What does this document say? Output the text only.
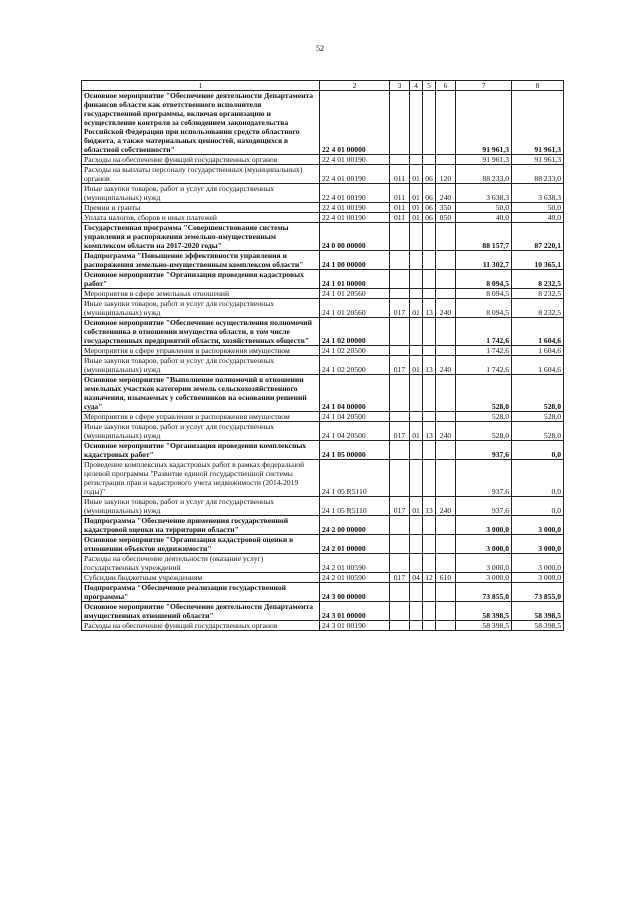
52
1	2	3	4	5	6	7	8
Основное мероприятие "Обеспечение деятельности Департамента финансов области как ответственного исполнителя государственной программы, включая организацию и осуществление контроля за соблюдением законодательства Российской Федерации при использовании средств областного бюджета, а также материальных ценностей, находящихся в областной собственности"	22 4 01 00000					91 961,3	91 961,3
Расходы на обеспечение функций государственных органов	22 4 01 00190					91 961,3	91 961,3
Расходы на выплаты персоналу государственных (муниципальных) органов	22 4 01 00190	011	01	06	120	88 233,0	88 233,0
Иные закупки товаров, работ и услуг для государственных (муниципальных) нужд	22 4 01 00190	011	01	06	240	3 638,3	3 638,3
Премии и гранты	22 4 01 00190	011	01	06	350	50,0	50,0
Уплата налогов, сборов и иных платежей	22 4 01 00190	011	01	06	850	40,0	40,0
Государственная программа "Совершенствование системы управления и распоряжения земельно-имущественным комплексом области на 2017-2020 годы"	24 0 00 00000					88 157,7	87 220,1
Подпрограмма "Повышение эффективности управления и распоряжения земельно-имущественным комплексом области"	24 1 00 00000					11 302,7	10 365,1
Основное мероприятие "Организация проведения кадастровых работ"	24 1 01 00000					8 094,5	8 232,5
Мероприятия в сфере земельных отношений	24 1 01 20560					8 094,5	8 232,5
Иные закупки товаров, работ и услуг для государственных (муниципальных) нужд	24 1 01 20560	017	01	13	240	8 094,5	8 232,5
Основное мероприятие "Обеспечение осуществления полномочий собственника в отношении имущества области, в том числе государственных предприятий области, хозяйственных обществ"	24 1 02 00000					1 742,6	1 604,6
Мероприятия в сфере управления и распоряжения имуществом	24 1 02 20500					1 742,6	1 604,6
Иные закупки товаров, работ и услуг для государственных (муниципальных) нужд	24 1 02 20500	017	01	13	240	1 742,6	1 604,6
Основное мероприятие "Выполнение полномочий в отношении земельных участков категории земель сельскохозяйственного назначения, изымаемых у собственников на основании решений суда"	24 1 04 00000					528,0	528,0
Мероприятия в сфере управления и распоряжения имуществом	24 1 04 20500					528,0	528,0
Иные закупки товаров, работ и услуг для государственных (муниципальных) нужд	24 1 04 20500	017	01	13	240	528,0	528,0
Основное мероприятие "Организация проведения комплексных кадастровых работ"	24 1 05 00000					937,6	0,0
Проведение комплексных кадастровых работ в рамках федеральной целевой программы "Развитие единой государственной системы регистрации прав и кадастрового учета недвижимости (2014-2019 годы)"	24 1 05 R5110					937,6	0,0
Иные закупки товаров, работ и услуг для государственных (муниципальных) нужд	24 1 05 R5110	017	01	13	240	937,6	0,0
Подпрограмма "Обеспечение применения государственной кадастровой оценки на территории области"	24 2 00 00000					3 000,0	3 000,0
Основное мероприятие "Организация кадастровой оценки в отношении объектов недвижимости"	24 2 01 00000					3 000,0	3 000,0
Расходы на обеспечение деятельности (оказание услуг) государственных учреждений	24 2 01 00590					3 000,0	3 000,0
Субсидии бюджетным учреждениям	24 2 01 00590	017	04	12	610	3 000,0	3 000,0
Подпрограмма "Обеспечение реализации государственной программы"	24 3 00 00000					73 855,0	73 855,0
Основное мероприятие "Обеспечение деятельности Департамента имущественных отношений области"	24 3 01 00000					58 398,5	58 398,5
Расходы на обеспечение функций государственных органов	24 3 01 00190					58 398,5	58 398,5
